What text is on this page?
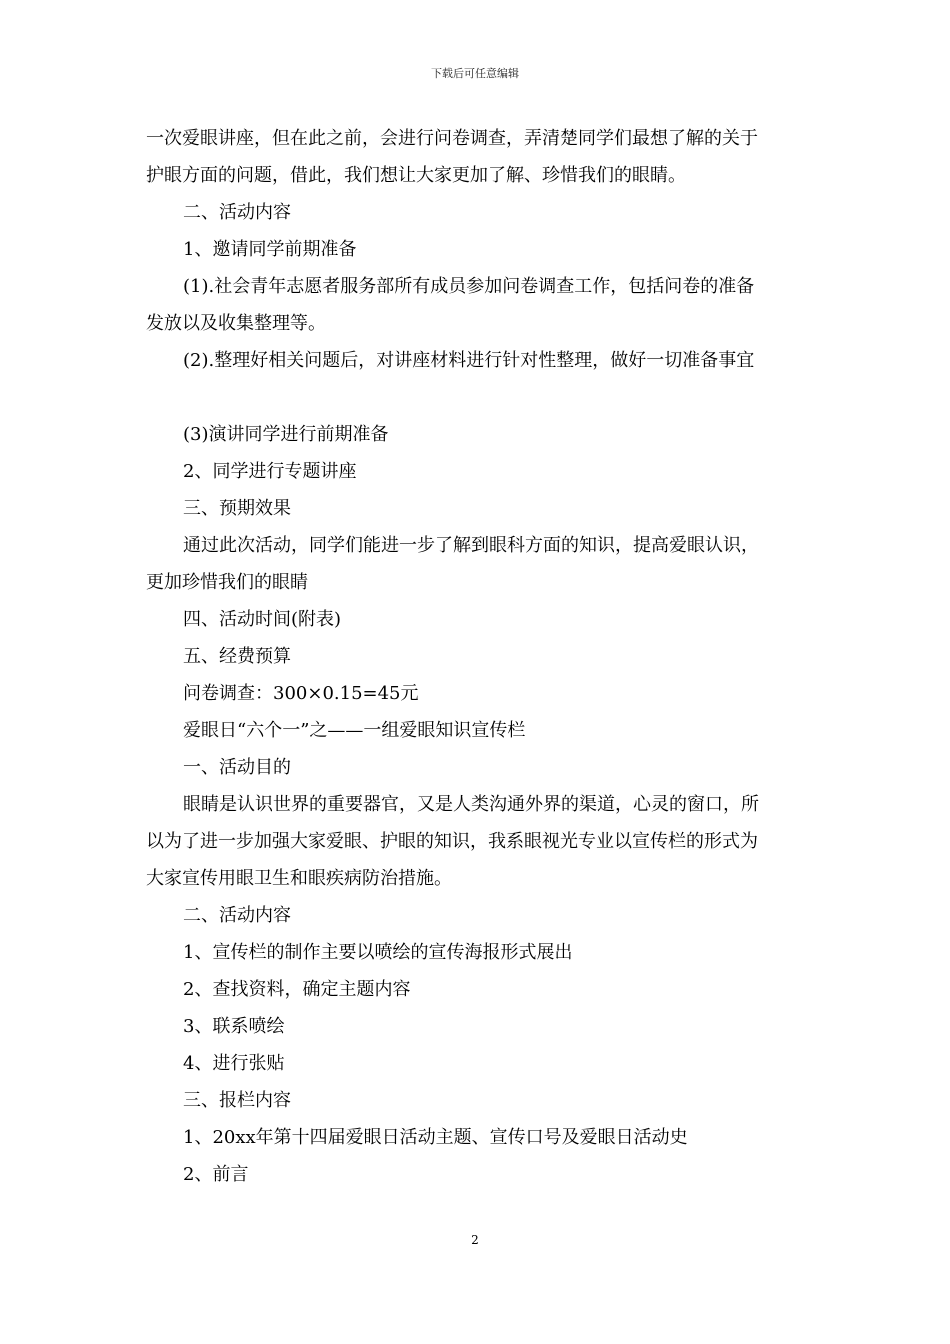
下载后可任意编辑

一次爱眼讲座，但在此之前，会进行问卷调查，弄清楚同学们最想了解的关于

护眼方面的问题，借此，我们想让大家更加了解、珍惜我们的眼睛。

二、活动内容

1、邀请同学前期准备

(1).社会青年志愿者服务部所有成员参加问卷调查工作，包括问卷的准备

发放以及收集整理等。

(2).整理好相关问题后，对讲座材料进行针对性整理，做好一切准备事宜

(3)演讲同学进行前期准备

2、同学进行专题讲座

三、预期效果

通过此次活动，同学们能进一步了解到眼科方面的知识，提高爱眼认识，

更加珍惜我们的眼睛

四、活动时间(附表)

五、经费预算

问卷调查：300×0.15=45元

爱眼日“六个一”之——一组爱眼知识宣传栏

一、活动目的

眼睛是认识世界的重要器官，又是人类沟通外界的渠道，心灵的窗口，所

以为了进一步加强大家爱眼、护眼的知识，我系眼视光专业以宣传栏的形式为

大家宣传用眼卫生和眼疾病防治措施。

二、活动内容

1、宣传栏的制作主要以喷绘的宣传海报形式展出

2、查找资料，确定主题内容

3、联系喷绘

4、进行张贴

三、报栏内容

1、20xx年第十四届爱眼日活动主题、宣传口号及爱眼日活动史

2、前言

2
